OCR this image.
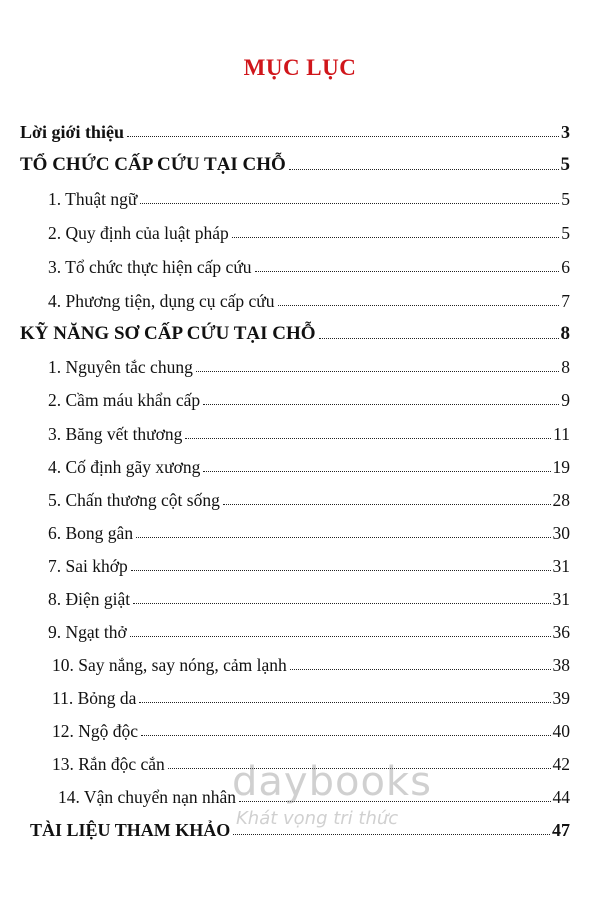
MỤC LỤC
Lời giới thiệu	3
TỔ CHỨC CẤP CỨU TẠI CHỖ	5
1. Thuật ngữ	5
2. Quy định của luật pháp	5
3. Tổ chức thực hiện cấp cứu	6
4. Phương tiện, dụng cụ cấp cứu	7
KỸ NĂNG SƠ CẤP CỨU TẠI CHỖ	8
1. Nguyên tắc chung	8
2. Cầm máu khẩn cấp	9
3. Băng vết thương	11
4. Cố định gãy xương	19
5. Chấn thương cột sống	28
6. Bong gân	30
7. Sai khớp	31
8. Điện giật	31
9. Ngạt thở	36
10. Say nắng, say nóng, cảm lạnh	38
11. Bỏng da	39
12. Ngộ độc	40
13. Rắn độc cắn	42
14. Vận chuyển nạn nhân	44
TÀI LIỆU THAM KHẢO	47
daybooks
Khát vọng tri thức
